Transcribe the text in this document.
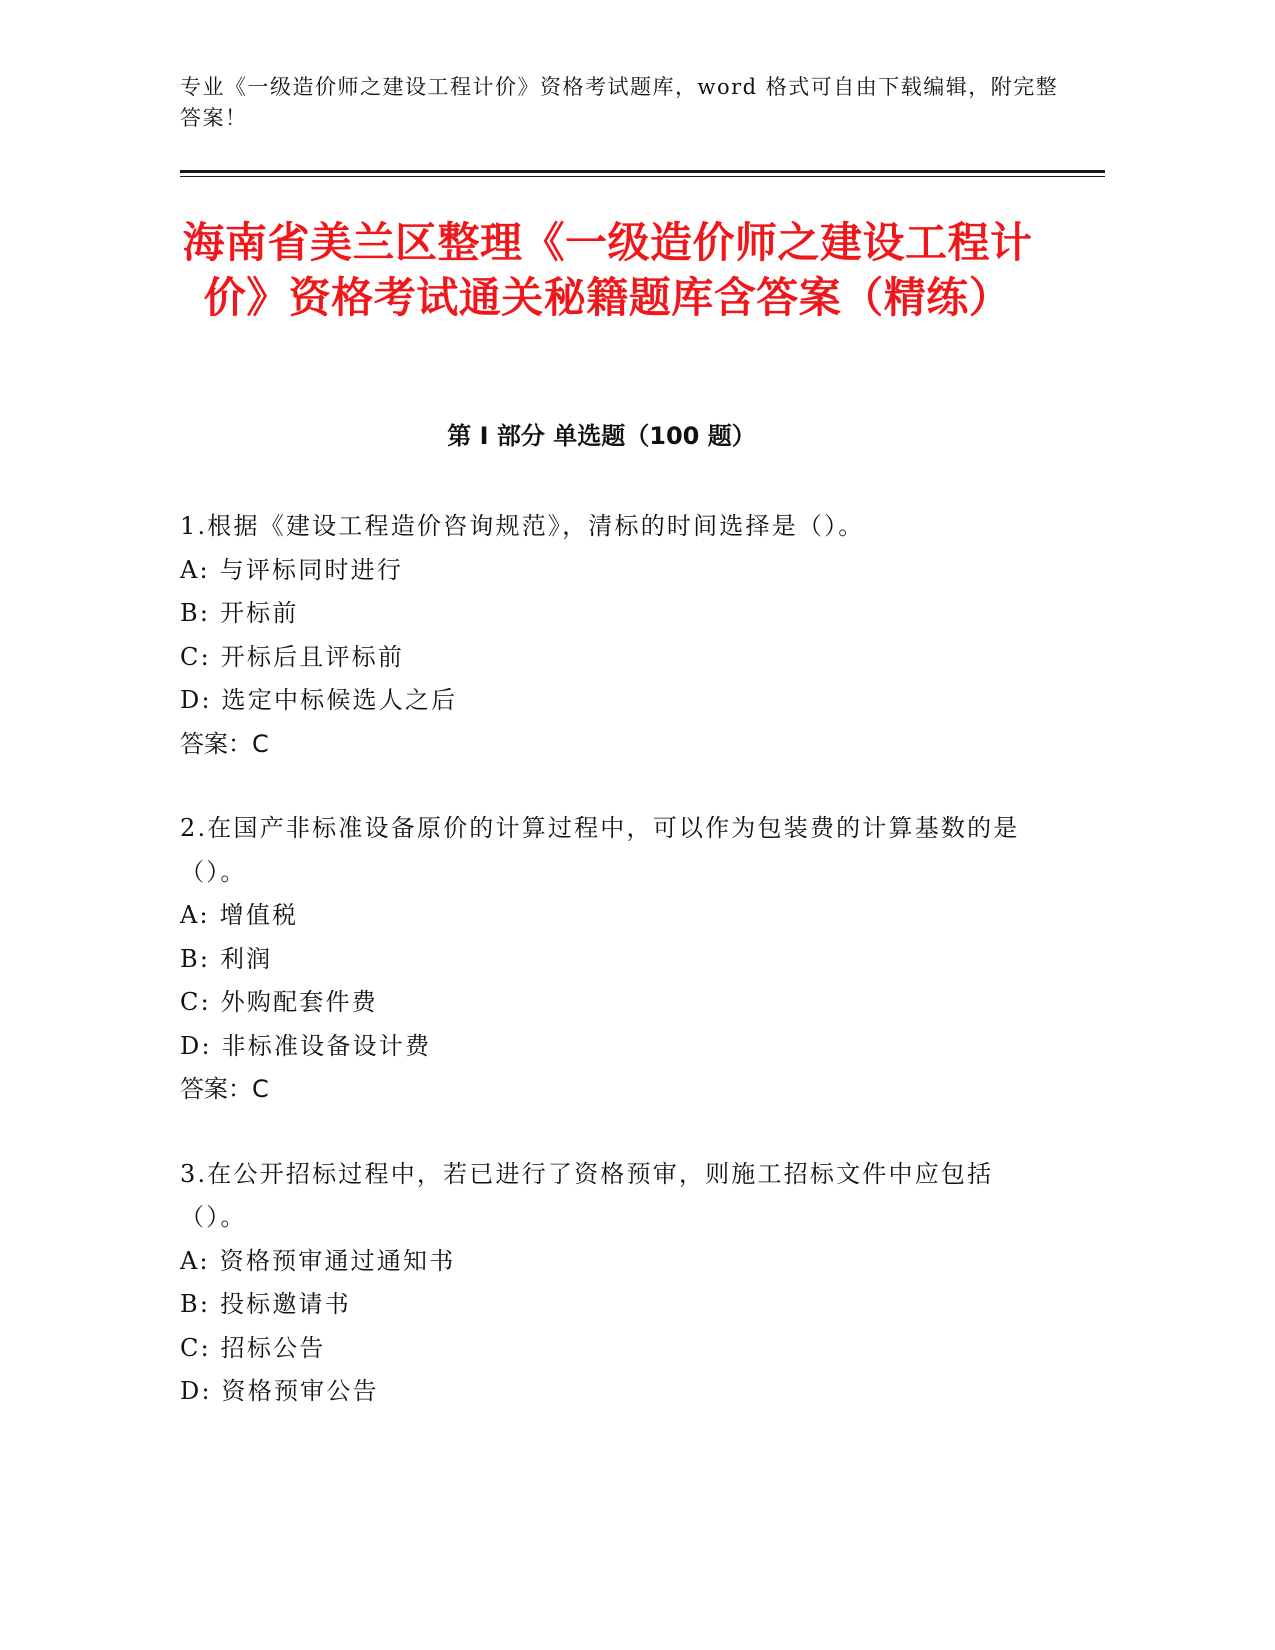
专业《一级造价师之建设工程计价》资格考试题库，word 格式可自由下载编辑，附完整答案！
海南省美兰区整理《一级造价师之建设工程计价》资格考试通关秘籍题库含答案（精练）
第 I 部分 单选题（100 题）
1.根据《建设工程造价咨询规范》，清标的时间选择是（）。
A: 与评标同时进行
B: 开标前
C: 开标后且评标前
D: 选定中标候选人之后
答案：C
2.在国产非标准设备原价的计算过程中，可以作为包装费的计算基数的是（）。
A: 增值税
B: 利润
C: 外购配套件费
D: 非标准设备设计费
答案：C
3.在公开招标过程中，若已进行了资格预审，则施工招标文件中应包括（）。
A: 资格预审通过通知书
B: 投标邀请书
C: 招标公告
D: 资格预审公告
